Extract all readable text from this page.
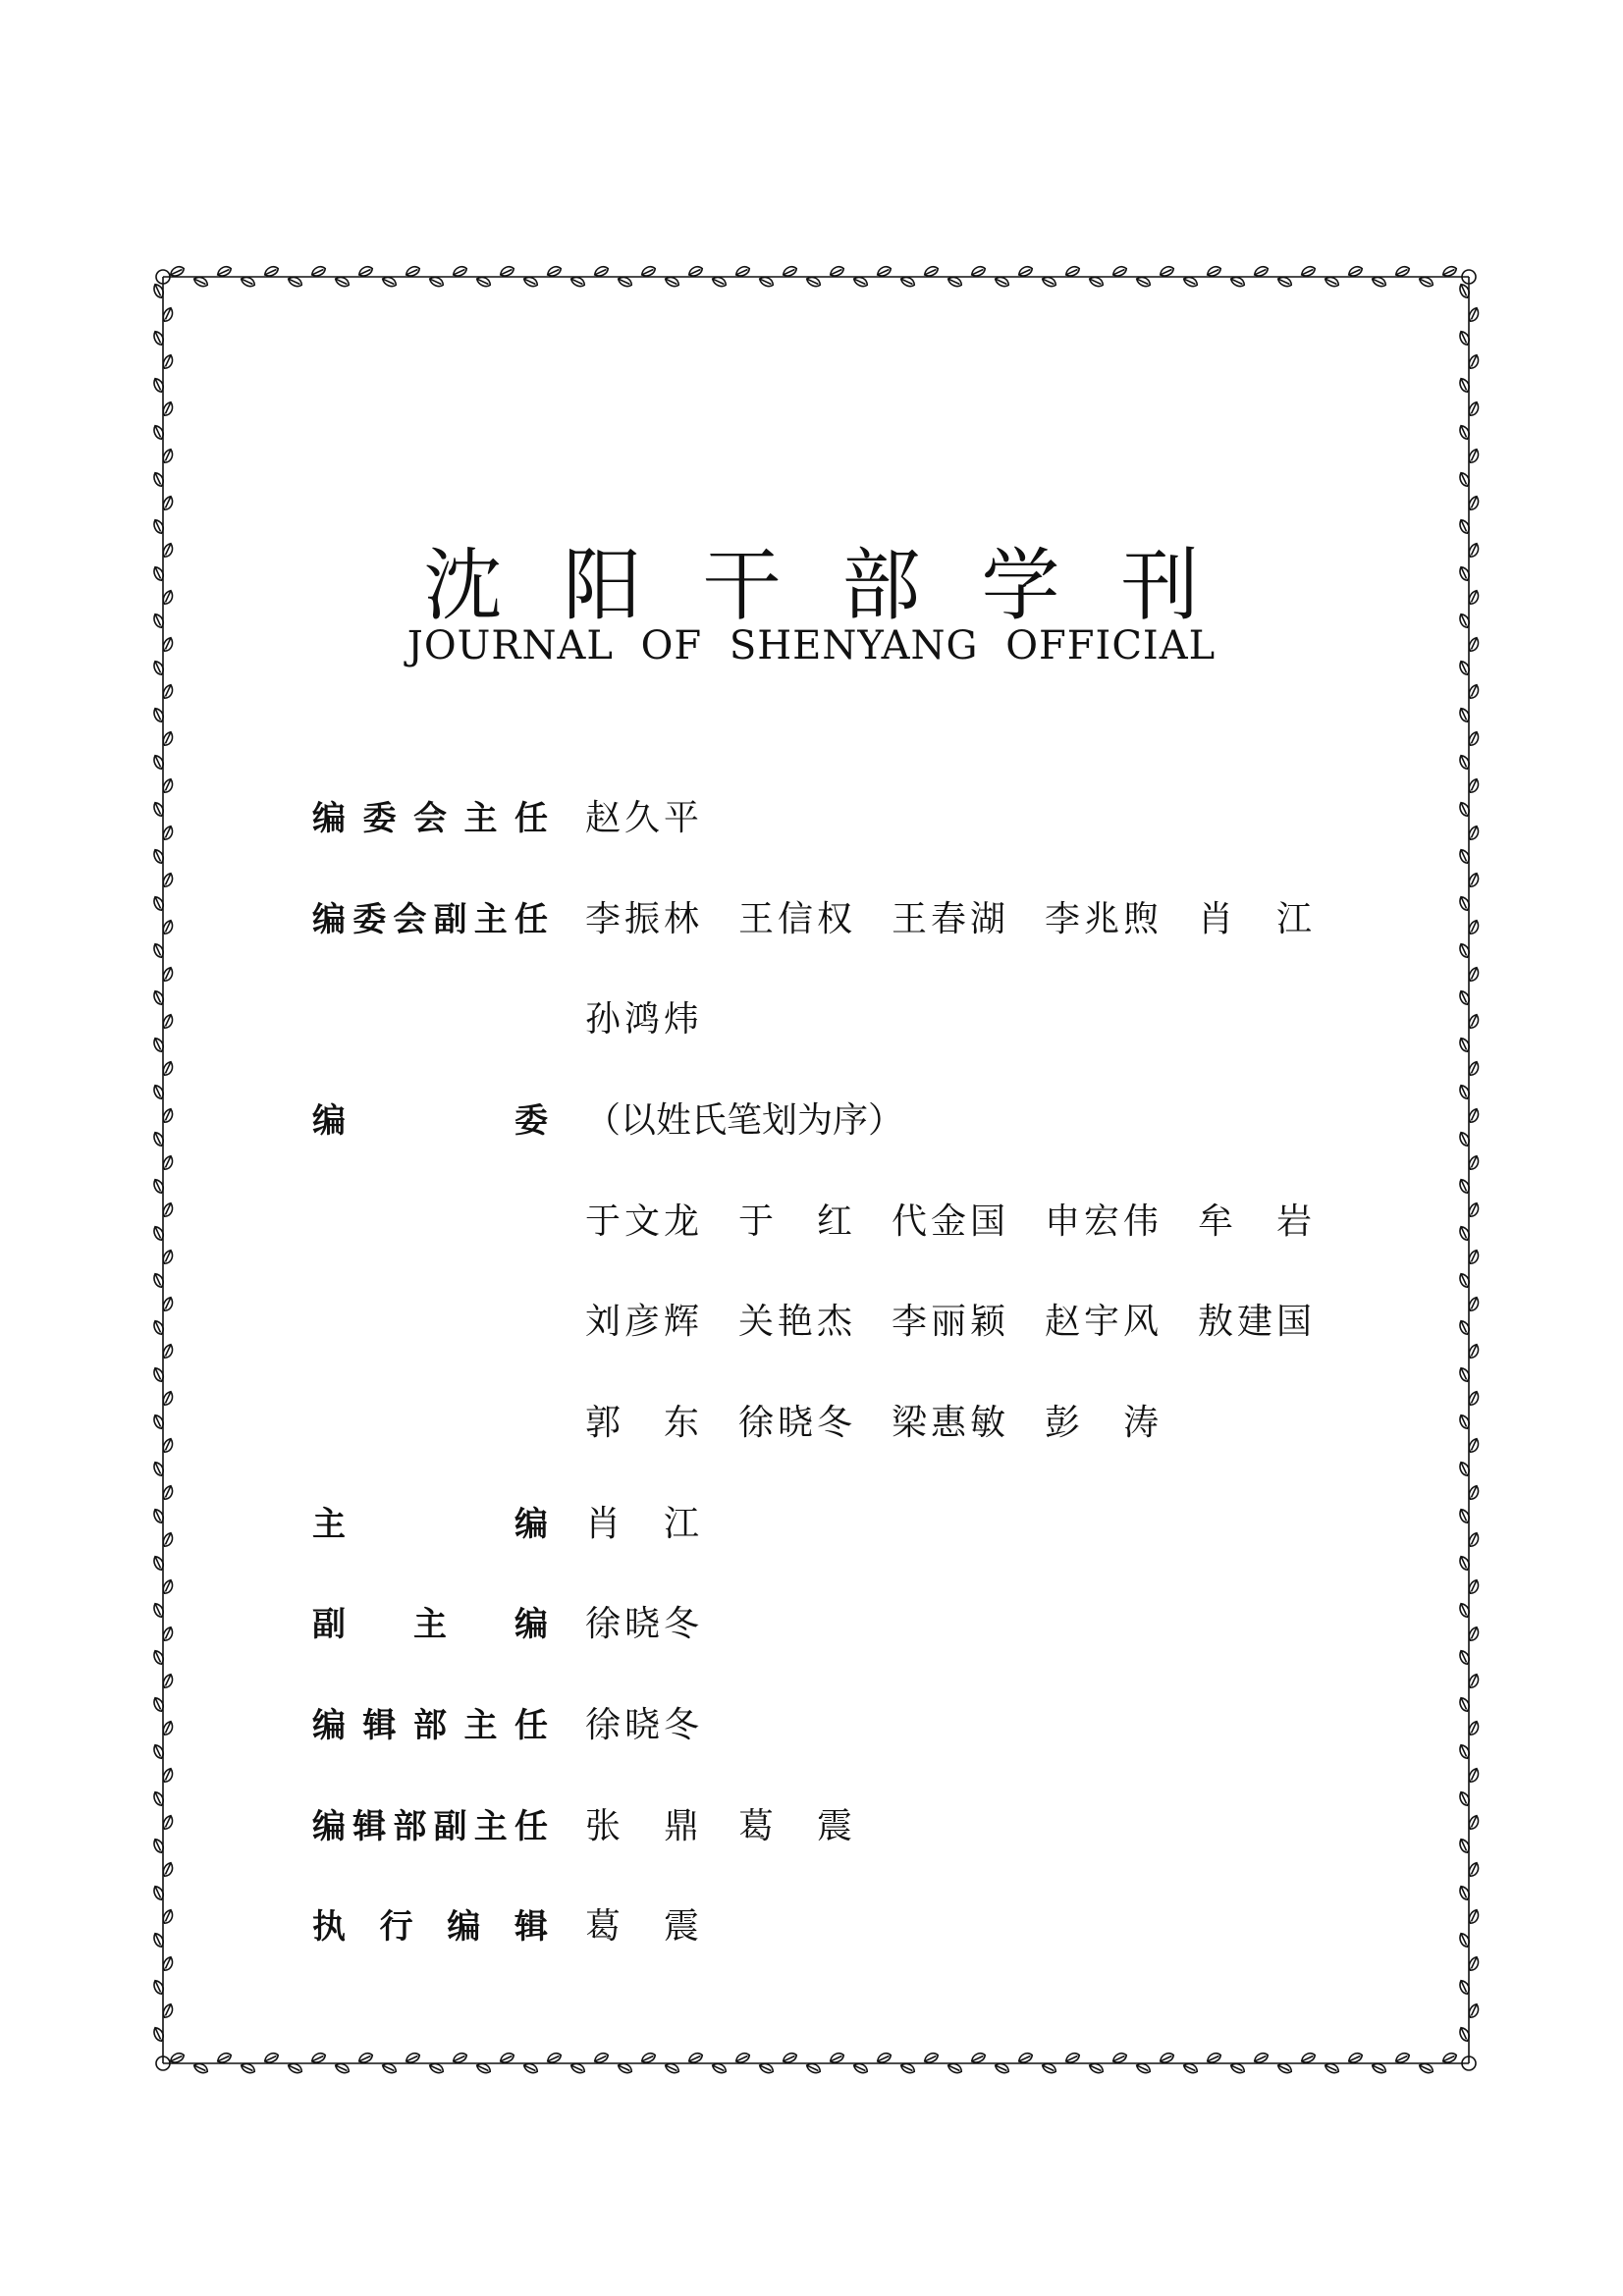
沈阳干部学刊
JOURNAL OF SHENYANG OFFICIAL
编 委 会 主 任 赵 久 平
编 委 会 副 主 任 李 振 林 王 信 权 王 春 湖 李 兆 煦 肖 江
孙 鸿 炜
编	委 （以姓氏笔划为序）
于 文 龙 于 红 代 金 国 申 宏 伟 牟 岩
刘 彦 辉 关 艳 杰 李 丽 颖 赵 宇 风 敖 建 国
郭 东 徐 晓 冬 梁 惠 敏 彭 涛
主	编 肖 江
副 主 编 徐 晓 冬
编 辑 部 主 任 徐 晓 冬
编 辑 部 副 主 任 张 鼎 葛 震
执 行 编 辑 葛 震
